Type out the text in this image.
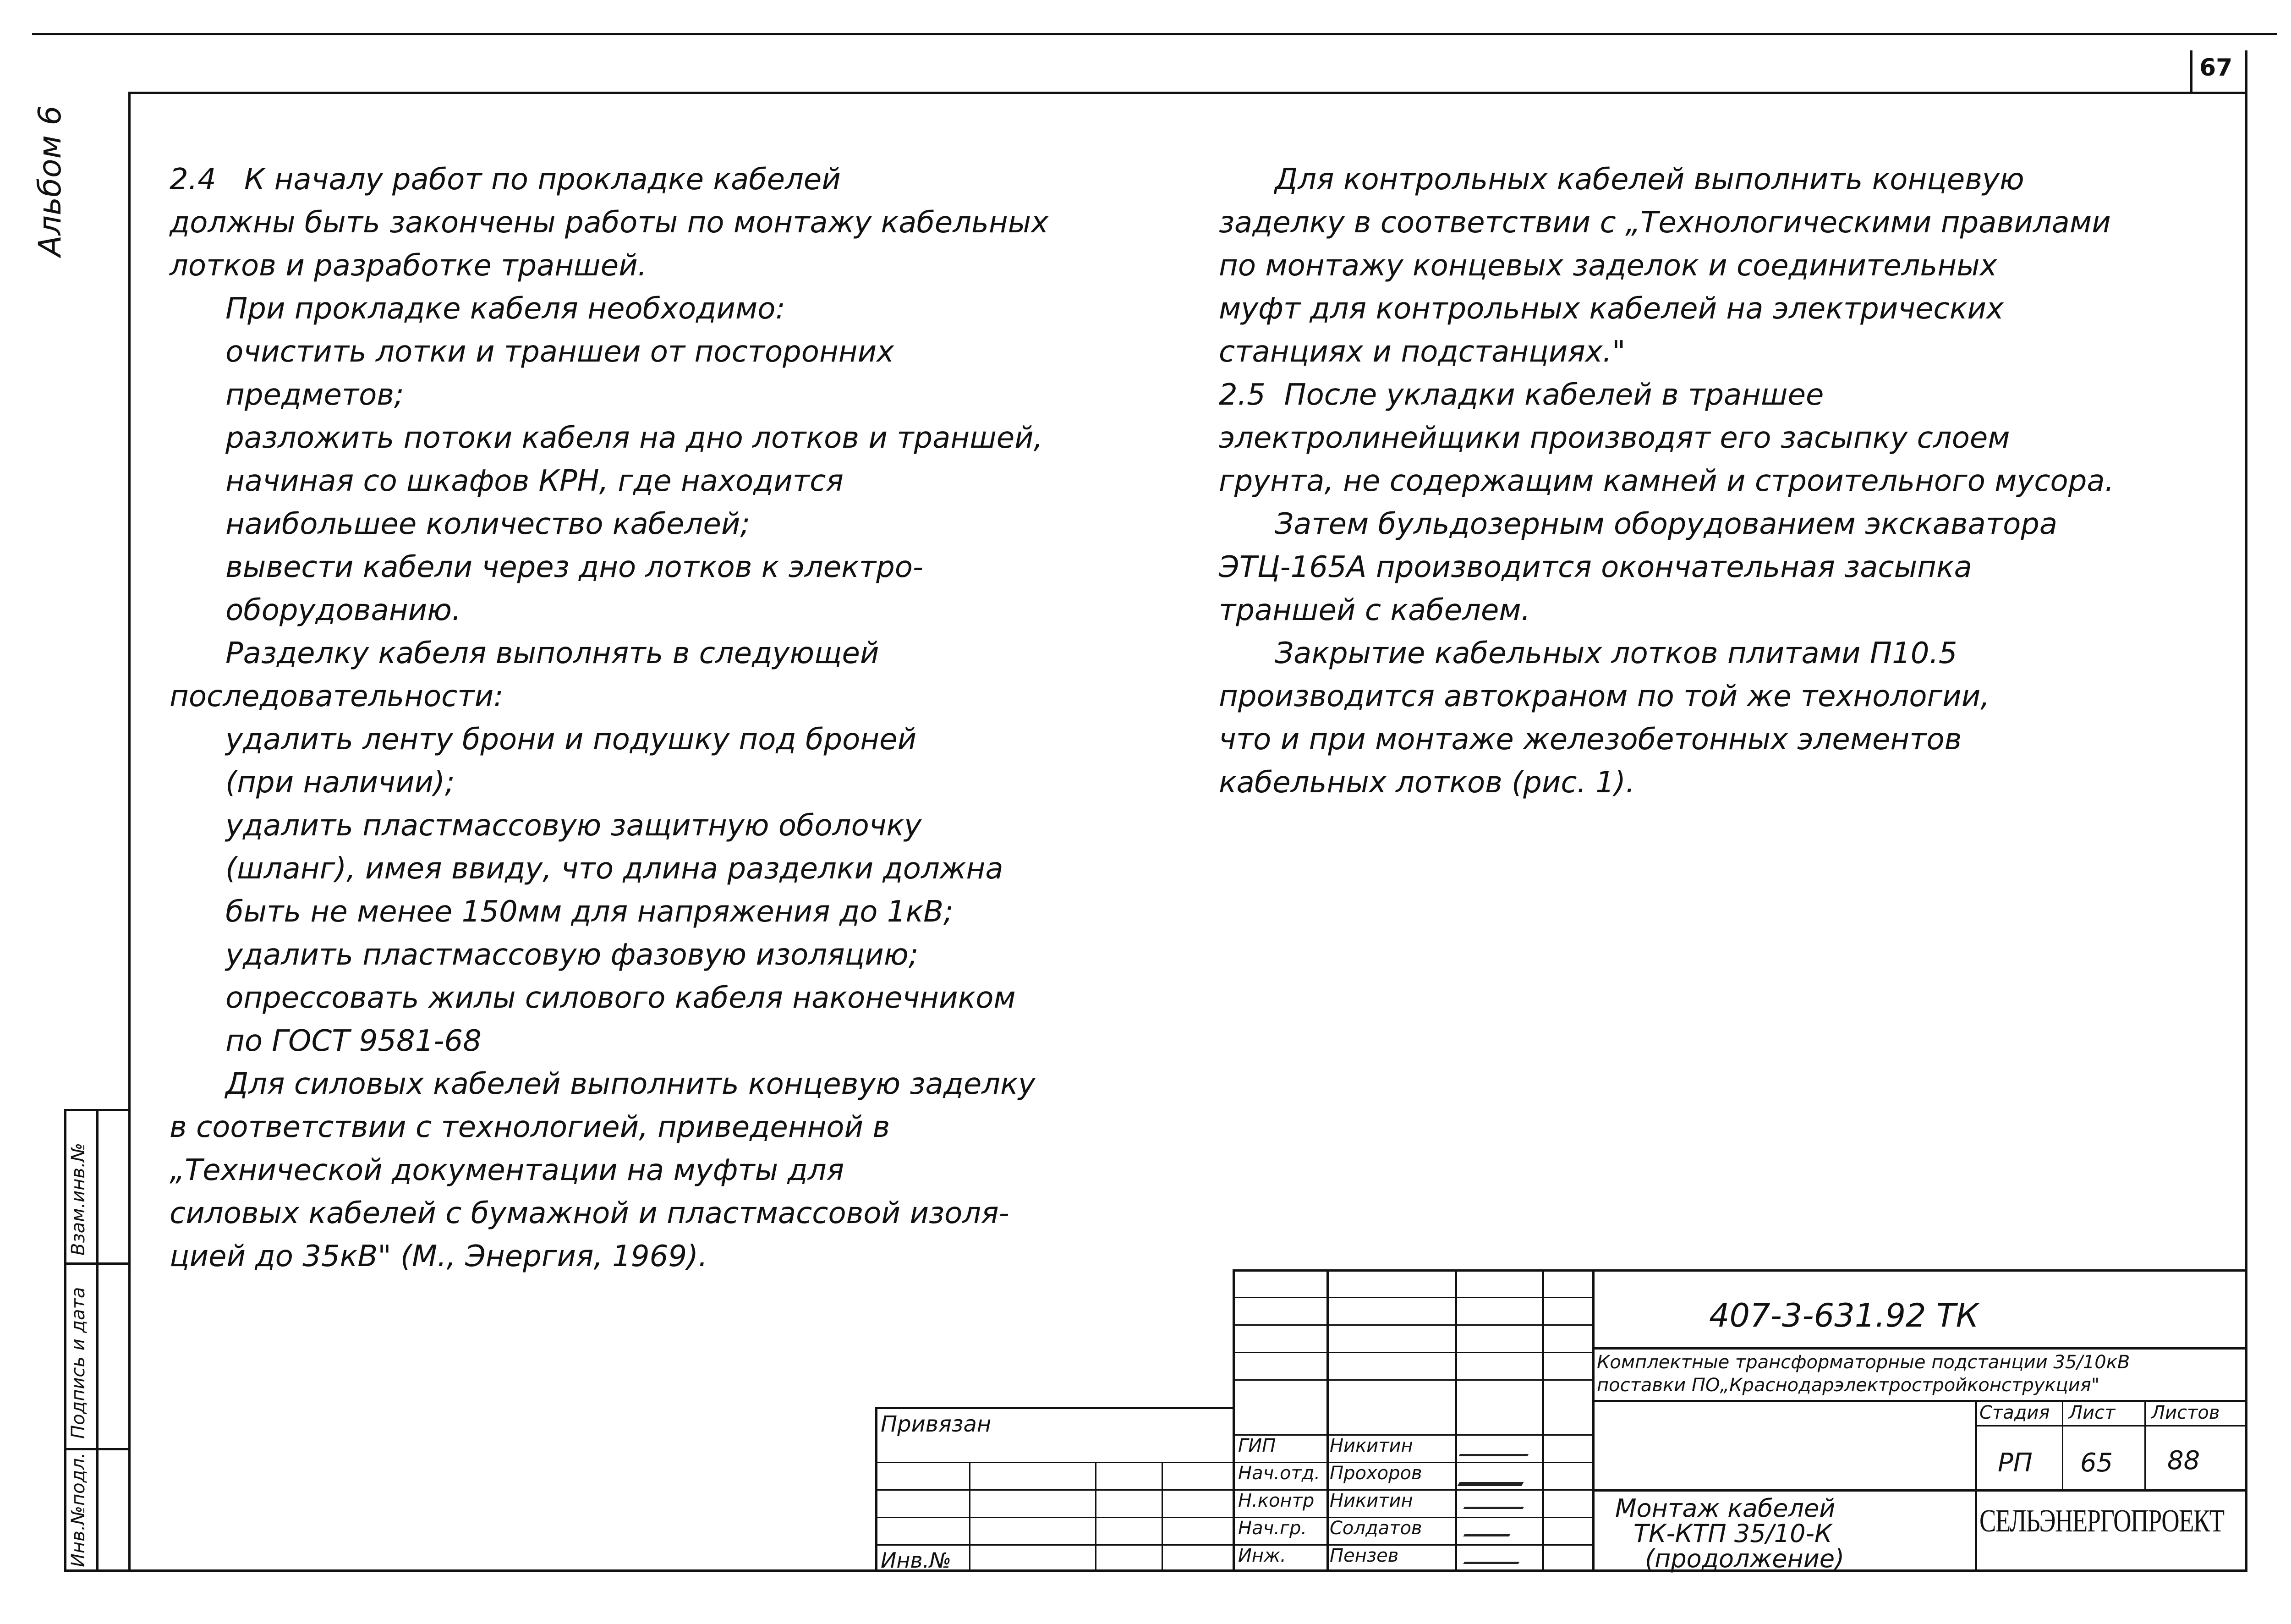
67
Альбом 6
Взам.инв.№
Подпись и дата
Инв.№подл.
2.4   К началу работ по прокладке кабелей
должны быть закончены работы по монтажу кабельных
лотков и разработке траншей.
При прокладке кабеля необходимо:
очистить лотки и траншеи от посторонних
предметов;
разложить потоки кабеля на дно лотков и траншей,
начиная со шкафов КРН, где находится
наибольшее количество кабелей;
вывести кабели через дно лотков к электро-
оборудованию.
Разделку кабеля выполнять в следующей
последовательности:
удалить ленту брони и подушку под броней
(при наличии);
удалить пластмассовую защитную оболочку
(шланг), имея ввиду, что длина разделки должна
быть не менее 150мм для напряжения до 1кВ;
удалить пластмассовую фазовую изоляцию;
опрессовать жилы силового кабеля наконечником
по ГОСТ 9581-68
Для силовых кабелей выполнить концевую заделку
в соответствии с технологией, приведенной в
„Технической документации на муфты для
силовых кабелей с бумажной и пластмассовой изоля-
цией до 35кВ" (М., Энергия, 1969).
Для контрольных кабелей выполнить концевую
заделку в соответствии с „Технологическими правилами
по монтажу концевых заделок и соединительных
муфт для контрольных кабелей на электрических
станциях и подстанциях."
2.5  После укладки кабелей в траншее
электролинейщики производят его засыпку слоем
грунта, не содержащим камней и строительного мусора.
Затем бульдозерным оборудованием экскаватора
ЭТЦ-165А производится окончательная засыпка
траншей с кабелем.
Закрытие кабельных лотков плитами П10.5
производится автокраном по той же технологии,
что и при монтаже железобетонных элементов
кабельных лотков (рис. 1).
Привязан
Инв.№
ГИП	Никитин
Нач.отд. Прохоров
Н.контр Никитин
Нач.гр. Солдатов
Инж. Пензев
407-3-631.92 ТК
Комплектные трансформаторные подстанции 35/10кВ
поставки ПО„Краснодарэлектростройконструкция"
Стадия Лист Листов
РП 65 88
Монтаж кабелей
ТК-КТП 35/10-К
(продолжение)
СЕЛЬЭНЕРГОПРОЕКТ
